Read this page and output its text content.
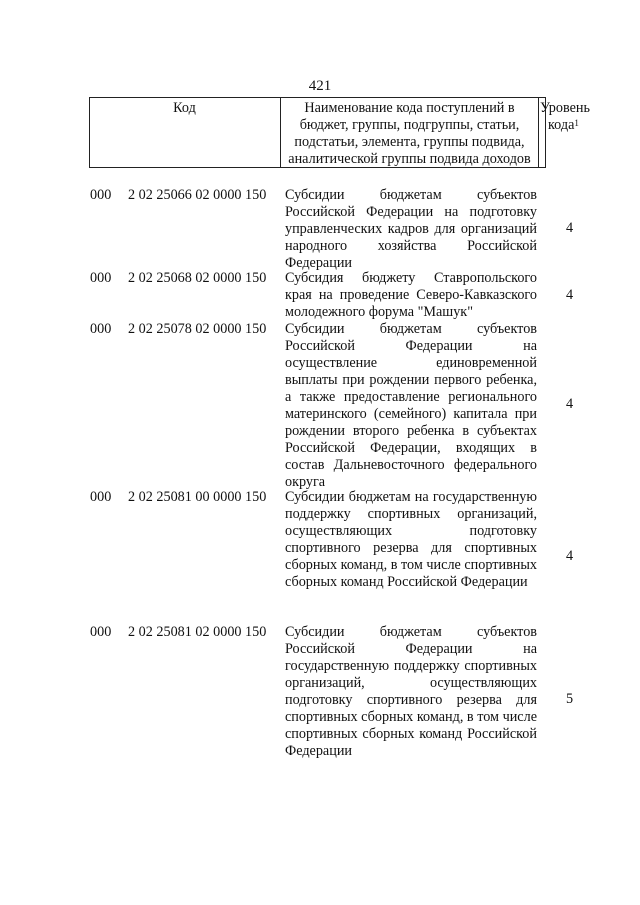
421
Код	Наименование кода поступлений в бюджет, группы, подгруппы, статьи, подстатьи, элемента, группы подвида, аналитической группы подвида доходов
Уровень
кода$^1$
000 2 02 25066 02 0000 150 Субсидии бюджетам субъектов Российской Федерации на подготовку управленческих кадров для организаций народного хозяйства Российской Федерации
4
000 2 02 25068 02 0000 150 Субсидия бюджету Ставропольского края на проведение Северо-Кавказского молодежного форума "Машук"
4
000 2 02 25078 02 0000 150 Субсидии бюджетам субъектов Российской Федерации на осуществление единовременной выплаты при рождении первого ребенка, а также предоставление регионального материнского (семейного) капитала при рождении второго ребенка в субъектах Российской Федерации, входящих в состав Дальневосточного федерального округа
4
000 2 02 25081 00 0000 150 Субсидии бюджетам на государственную поддержку спортивных организаций, осуществляющих подготовку спортивного резерва для спортивных сборных команд, в том числе спортивных сборных команд Российской Федерации
4
000 2 02 25081 02 0000 150 Субсидии бюджетам субъектов Российской Федерации на государственную поддержку спортивных организаций, осуществляющих подготовку спортивного резерва для спортивных сборных команд, в том числе спортивных сборных команд Российской Федерации
5
